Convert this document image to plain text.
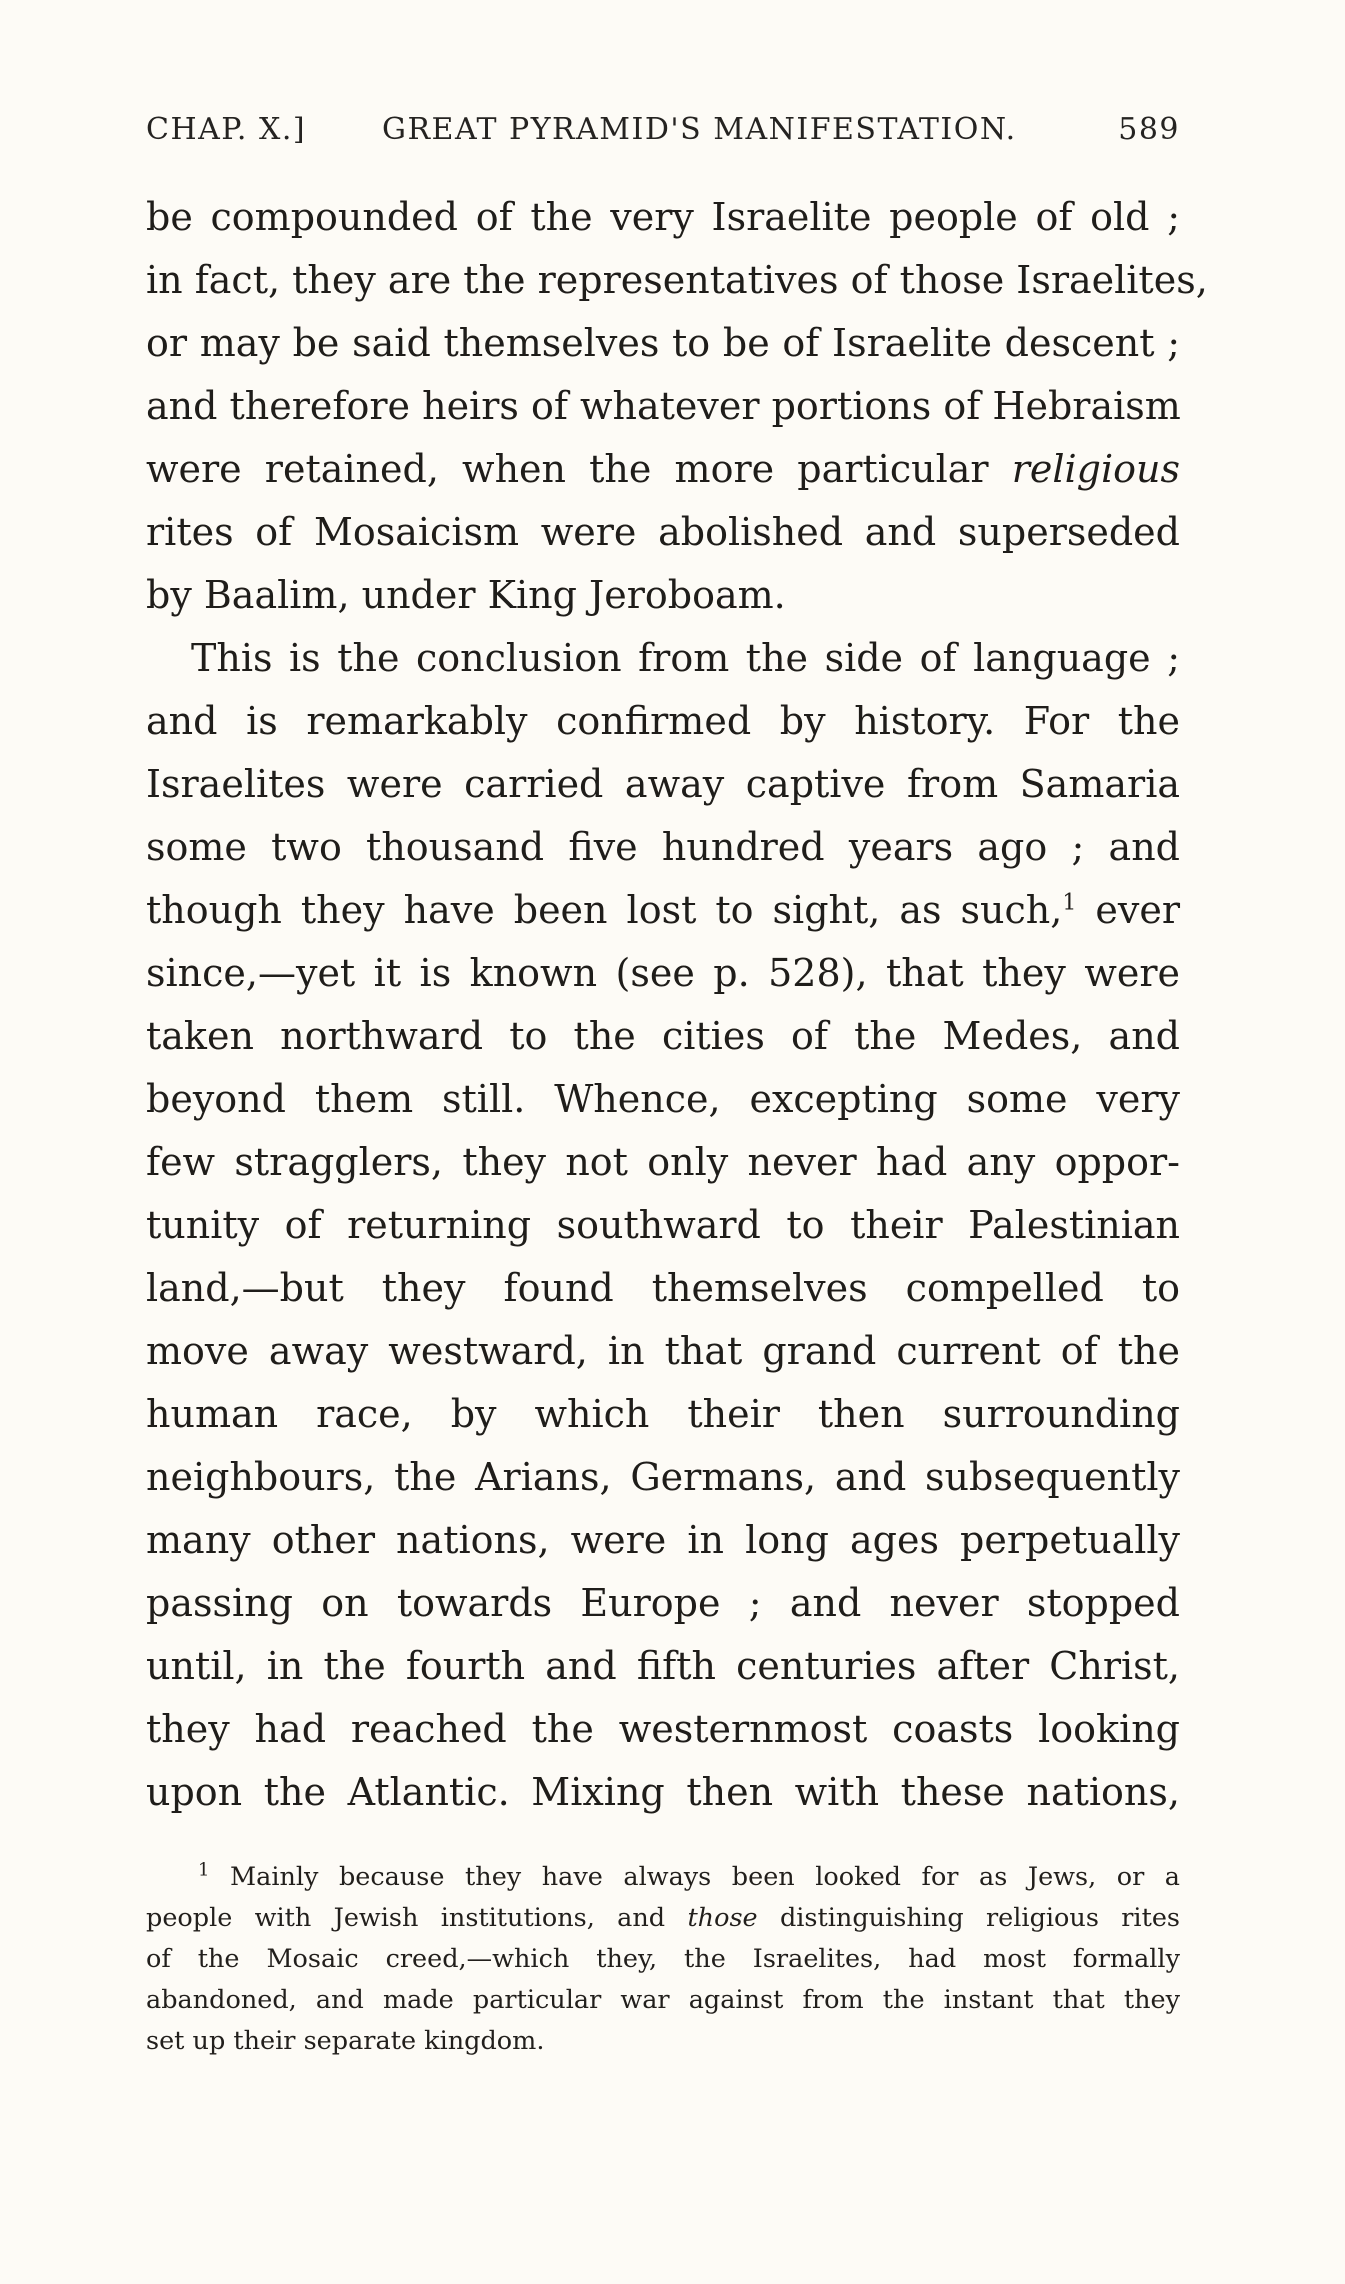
CHAP. X.]	GREAT PYRAMID'S MANIFESTATION.	589
be compounded of the very Israelite people of old ;
in fact, they are the representatives of those Israelites,
or may be said themselves to be of Israelite descent ;
and therefore heirs of whatever portions of Hebraism
were retained, when the more particular religious
rites of Mosaicism were abolished and superseded
by Baalim, under King Jeroboam.
This is the conclusion from the side of language ;
and is remarkably confirmed by history. For the
Israelites were carried away captive from Samaria
some two thousand five hundred years ago ; and
though they have been lost to sight, as such,$^1$ ever
since,—yet it is known (see p. 528), that they were
taken northward to the cities of the Medes, and
beyond them still. Whence, excepting some very
few stragglers, they not only never had any oppor-
tunity of returning southward to their Palestinian
land,—but they found themselves compelled to
move away westward, in that grand current of the
human race, by which their then surrounding
neighbours, the Arians, Germans, and subsequently
many other nations, were in long ages perpetually
passing on towards Europe ; and never stopped
until, in the fourth and fifth centuries after Christ,
they had reached the westernmost coasts looking
upon the Atlantic. Mixing then with these nations,
$^1$ Mainly because they have always been looked for as Jews, or a
people with Jewish institutions, and those distinguishing religious rites
of the Mosaic creed,—which they, the Israelites, had most formally
abandoned, and made particular war against from the instant that they
set up their separate kingdom.
